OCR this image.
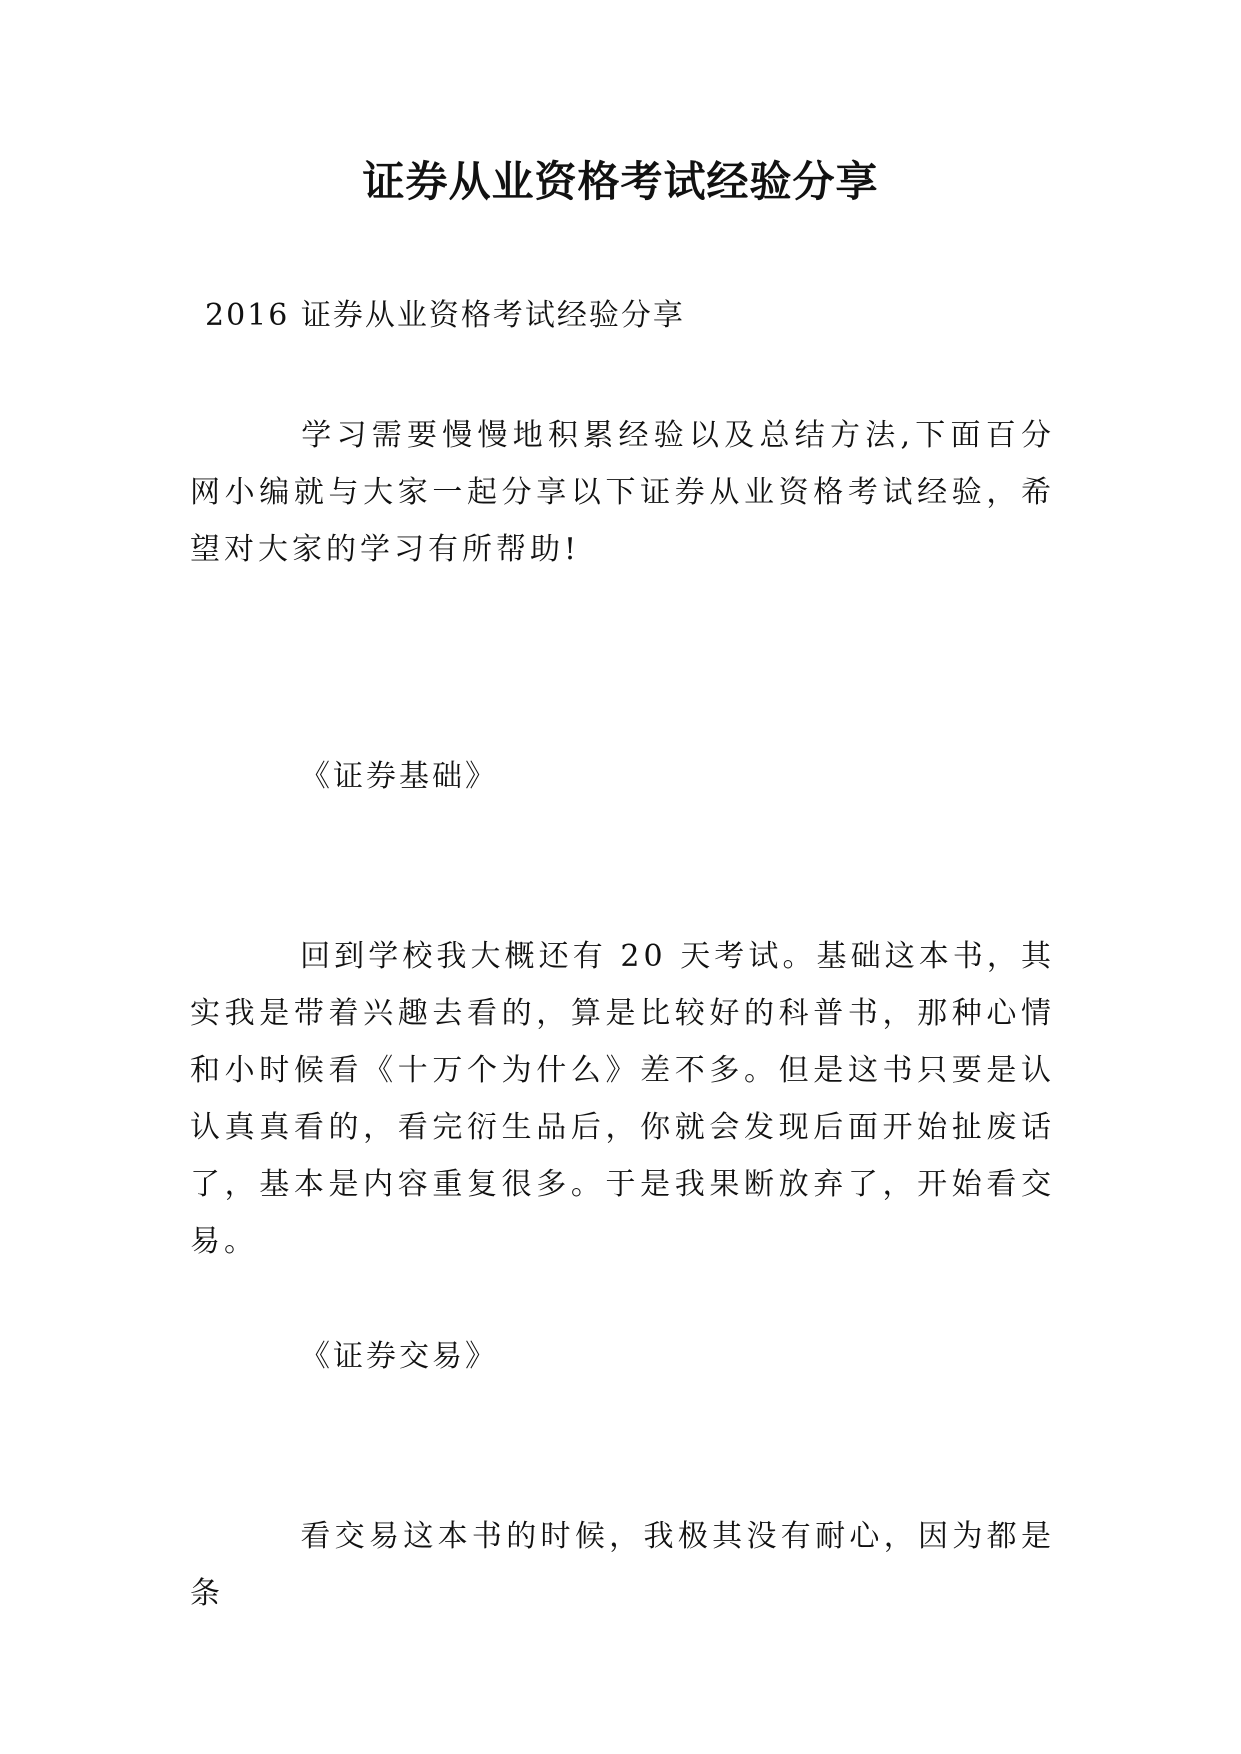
证券从业资格考试经验分享
2016 证券从业资格考试经验分享
学习需要慢慢地积累经验以及总结方法,下面百分网小编就与大家一起分享以下证券从业资格考试经验，希望对大家的学习有所帮助!
《证券基础》
回到学校我大概还有 20 天考试。基础这本书，其实我是带着兴趣去看的，算是比较好的科普书，那种心情和小时候看《十万个为什么》差不多。但是这书只要是认认真真看的，看完衍生品后，你就会发现后面开始扯废话了，基本是内容重复很多。于是我果断放弃了，开始看交易。
《证券交易》
看交易这本书的时候，我极其没有耐心，因为都是条
